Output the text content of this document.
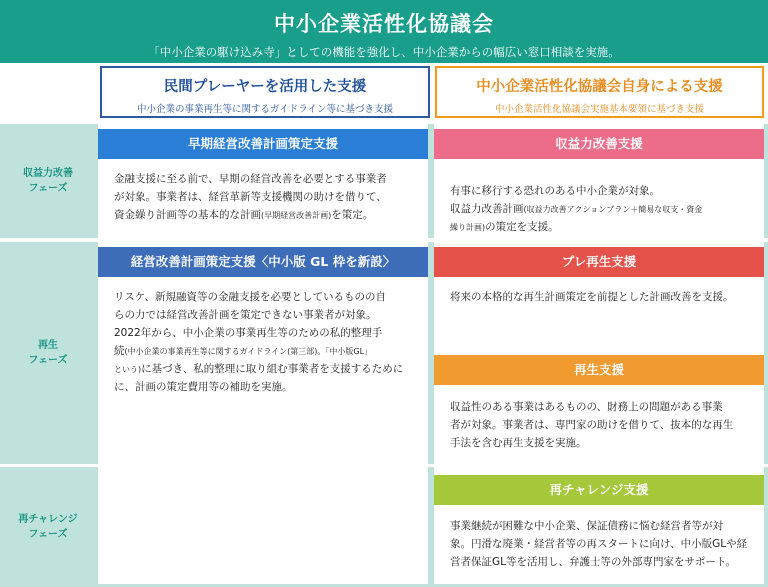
中小企業活性化協議会
「中小企業の駆け込み寺」としての機能を強化し、中小企業からの幅広い窓口相談を実施。
民間プレーヤーを活用した支援
中小企業の事業再生等に関するガイドライン等に基づき支援
中小企業活性化協議会自身による支援
中小企業活性化協議会実施基本要領に基づき支援
収益力改善
フェーズ
再生
フェーズ
再チャレンジ
フェーズ
早期経営改善計画策定支援
金融支援に至る前で、早期の経営改善を必要とする事業者
が対象。事業者は、経営革新等支援機関の助けを借りて、
資金繰り計画等の基本的な計画(早期経営改善計画)を策定。
収益力改善支援
有事に移行する恐れのある中小企業が対象。
収益力改善計画(収益力改善アクションプラン＋簡易な収支・資金
繰り計画)の策定を支援。
経営改善計画策定支援〈中小版 GL 枠を新設〉
リスケ、新規融資等の金融支援を必要としているものの自
らの力では経営改善計画を策定できない事業者が対象。
2022年から、中小企業の事業再生等のための私的整理手
続(中小企業の事業再生等に関するガイドライン(第三部)。「中小版GL」
という)に基づき、私的整理に取り組む事業者を支援するために
に、計画の策定費用等の補助を実施。
プレ再生支援
将来の本格的な再生計画策定を前提とした計画改善を支援。
再生支援
収益性のある事業はあるものの、財務上の問題がある事業
者が対象。事業者は、専門家の助けを借りて、抜本的な再生
手法を含む再生支援を実施。
再チャレンジ支援
事業継続が困難な中小企業、保証債務に悩む経営者等が対
象。円滑な廃業・経営者等の再スタートに向け、中小版GLや経
営者保証GL等を活用し、弁護士等の外部専門家をサポート。
